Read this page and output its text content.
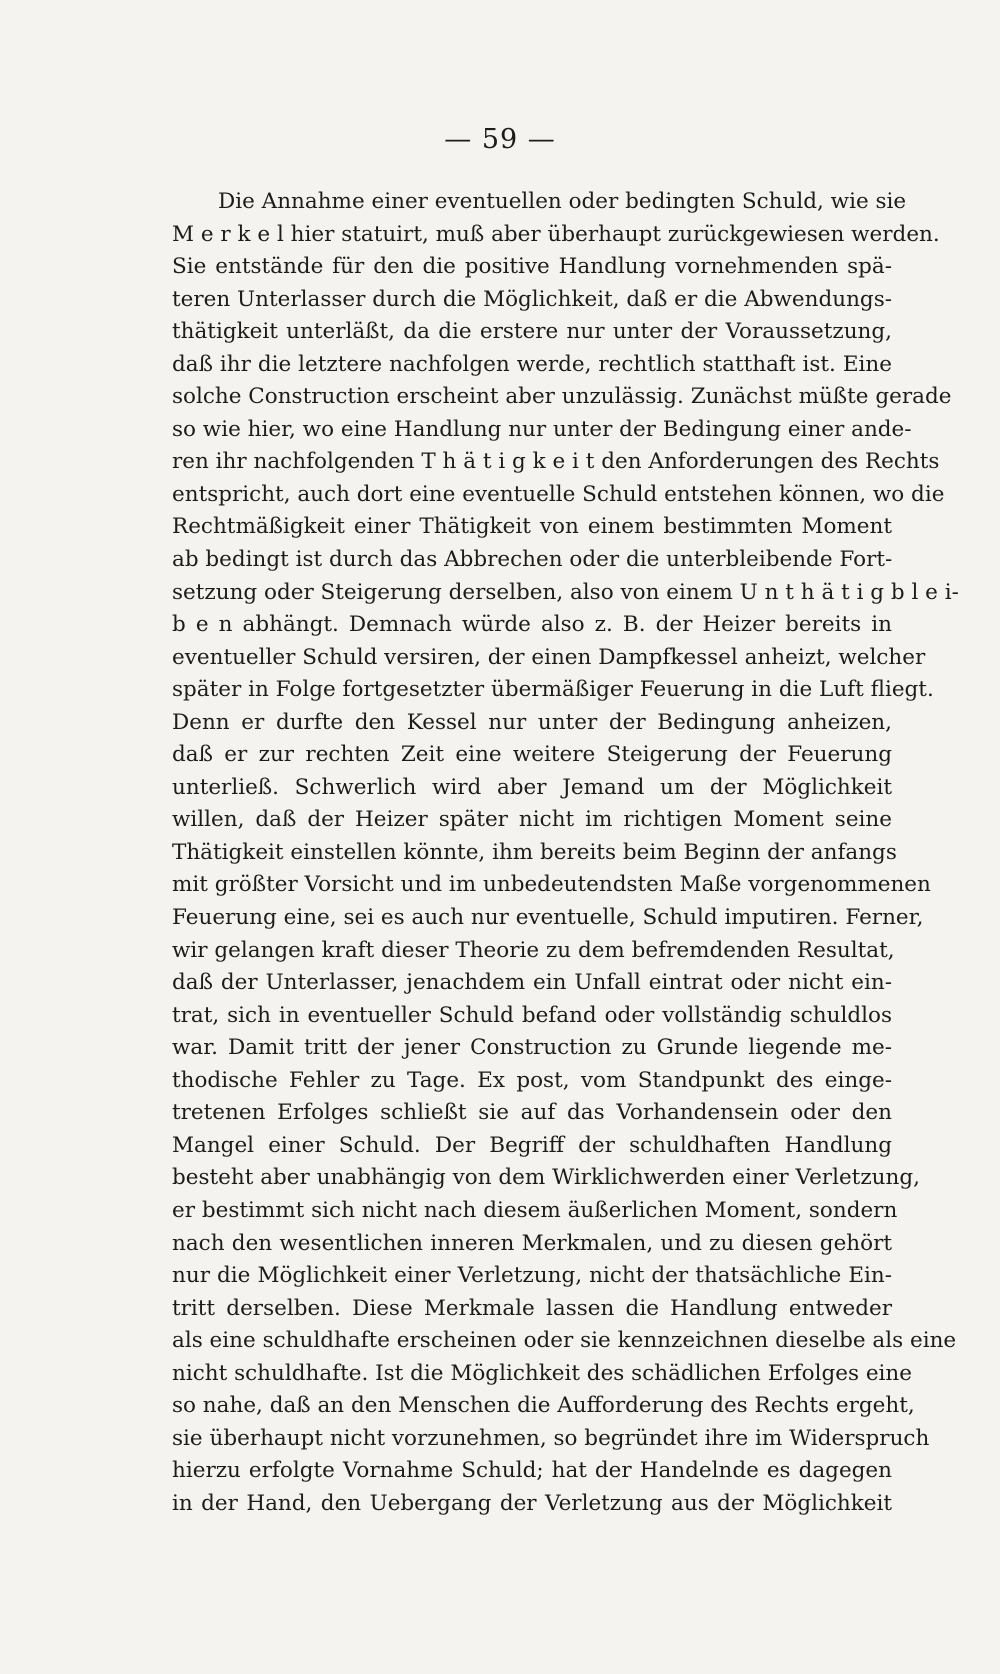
— 59 —
Die Annahme einer eventuellen oder bedingten Schuld, wie sie
M e r k e l hier statuirt, muß aber überhaupt zurückgewiesen werden.
Sie entstände für den die positive Handlung vornehmenden spä-
teren Unterlasser durch die Möglichkeit, daß er die Abwendungs-
thätigkeit unterläßt, da die erstere nur unter der Voraussetzung,
daß ihr die letztere nachfolgen werde, rechtlich statthaft ist. Eine
solche Construction erscheint aber unzulässig. Zunächst müßte gerade
so wie hier, wo eine Handlung nur unter der Bedingung einer ande-
ren ihr nachfolgenden T h ä t i g k e i t den Anforderungen des Rechts
entspricht, auch dort eine eventuelle Schuld entstehen können, wo die
Rechtmäßigkeit einer Thätigkeit von einem bestimmten Moment
ab bedingt ist durch das Abbrechen oder die unterbleibende Fort-
setzung oder Steigerung derselben, also von einem U n t h ä t i g b l e i-
b e n abhängt. Demnach würde also z. B. der Heizer bereits in
eventueller Schuld versiren, der einen Dampfkessel anheizt, welcher
später in Folge fortgesetzter übermäßiger Feuerung in die Luft fliegt.
Denn er durfte den Kessel nur unter der Bedingung anheizen,
daß er zur rechten Zeit eine weitere Steigerung der Feuerung
unterließ. Schwerlich wird aber Jemand um der Möglichkeit
willen, daß der Heizer später nicht im richtigen Moment seine
Thätigkeit einstellen könnte, ihm bereits beim Beginn der anfangs
mit größter Vorsicht und im unbedeutendsten Maße vorgenommenen
Feuerung eine, sei es auch nur eventuelle, Schuld imputiren. Ferner,
wir gelangen kraft dieser Theorie zu dem befremdenden Resultat,
daß der Unterlasser, jenachdem ein Unfall eintrat oder nicht ein-
trat, sich in eventueller Schuld befand oder vollständig schuldlos
war. Damit tritt der jener Construction zu Grunde liegende me-
thodische Fehler zu Tage. Ex post, vom Standpunkt des einge-
tretenen Erfolges schließt sie auf das Vorhandensein oder den
Mangel einer Schuld. Der Begriff der schuldhaften Handlung
besteht aber unabhängig von dem Wirklichwerden einer Verletzung,
er bestimmt sich nicht nach diesem äußerlichen Moment, sondern
nach den wesentlichen inneren Merkmalen, und zu diesen gehört
nur die Möglichkeit einer Verletzung, nicht der thatsächliche Ein-
tritt derselben. Diese Merkmale lassen die Handlung entweder
als eine schuldhafte erscheinen oder sie kennzeichnen dieselbe als eine
nicht schuldhafte. Ist die Möglichkeit des schädlichen Erfolges eine
so nahe, daß an den Menschen die Aufforderung des Rechts ergeht,
sie überhaupt nicht vorzunehmen, so begründet ihre im Widerspruch
hierzu erfolgte Vornahme Schuld; hat der Handelnde es dagegen
in der Hand, den Uebergang der Verletzung aus der Möglichkeit
